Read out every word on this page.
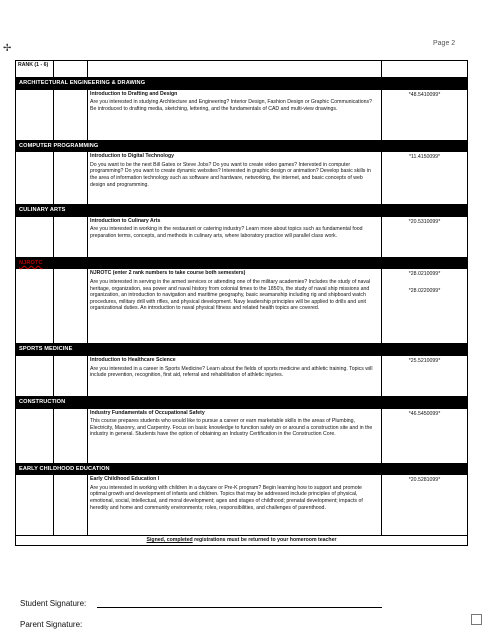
✢	Page 2
RANK (1 - 6)			
ARCHITECTURAL ENGINEERING & DRAWING			

		Introduction to Drafting and Design
Are you interested in studying Architecture and Engineering? Interior Design, Fashion Design or Graphic Communications? Be introduced to drafting media, sketching, lettering, and the fundamentals of CAD and multi-view drawings.	*48.5410099*

COMPUTER PROGRAMMING			

		Introduction to Digital Technology
Do you want to be the next Bill Gates or Steve Jobs? Do you want to create video games? Interested in computer programming? Do you want to create dynamic websites? Interested in graphic design or animation? Develop basic skills in the area of information technology such as software and hardware, networking, the internet, and basic concepts of web design and programming.	*11.4150099*

CULINARY ARTS			

		Introduction to Culinary Arts
Are you interested in working in the restaurant or catering industry? Learn more about topics such as fundamental food preparation terms, concepts, and methods in culinary arts, where laboratory practice will parallel class work.	*20.5310099*

NJROTC			

		NJROTC (enter 2 rank numbers to take course both semesters)
Are you interested in serving in the armed services or attending one of the military academies? Includes the study of naval heritage, organization, sea power and naval history from colonial times to the 1850's, the study of naval ship missions and organization, an introduction to navigation and maritime geography, basic seamanship including rig and shipboard watch procedures, military drill with rifles, and physical development. Navy leadership principles will be applied to drills and unit organizational duties. An introduction to naval physical fitness and related health topics are covered.	*28.0210099*
*28.0220099*

SPORTS MEDICINE			

		Introduction to Healthcare Science
Are you interested in a career in Sports Medicine? Learn about the fields of sports medicine and athletic training. Topics will include prevention, recognition, first aid, referral and rehabilitation of athletic injuries.	*25.5210099*

CONSTRUCTION			

		Industry Fundamentals of Occupational Safety
This course prepares students who would like to pursue a career or earn marketable skills in the areas of Plumbing, Electricity, Masonry, and Carpentry. Focus on basic knowledge to function safely on or around a construction site and in the industry in general. Students have the option of obtaining an Industry Certification in the Construction Core.	*46.5450099*

EARLY CHILDHOOD EDUCATION			

		Early Childhood Education I
Are you interested in working with children in a daycare or Pre-K program? Begin learning how to support and promote optimal growth and development of infants and children. Topics that may be addressed include principles of physical, emotional, social, intellectual, and moral development; ages and stages of childhood; prenatal development; impacts of heredity and home and community environments; roles, responsibilities, and challenges of parenthood.	*20.5281099*

Signed, completed registrations must be returned to your homeroom teacher			
Student Signature:
Parent Signature:
